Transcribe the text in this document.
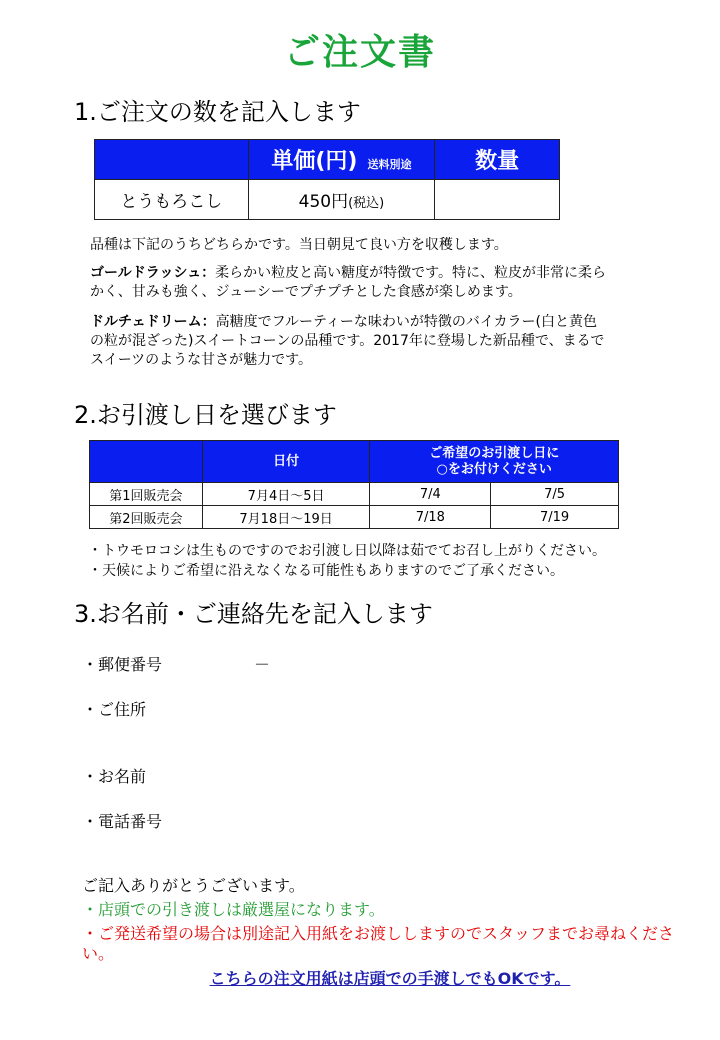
ご注文書
1.ご注文の数を記入します
	単価(円) 送料別途	数量
とうもろこし	450円(税込)	
品種は下記のうちどちらかです。当日朝見て良い方を収穫します。
ゴールドラッシュ：柔らかい粒皮と高い糖度が特徴です。特に、粒皮が非常に柔らかく、甘みも強く、ジューシーでプチプチとした食感が楽しめます。
ドルチェドリーム：高糖度でフルーティーな味わいが特徴のバイカラー(白と黄色の粒が混ざった)スイートコーンの品種です。2017年に登場した新品種で、まるでスイーツのような甘さが魅力です。
2.お引渡し日を選びます
	日付	ご希望のお引渡し日に
○をお付けください	

第1回販売会	7月4日～5日	7/4	7/5
第2回販売会	7月18日～19日	7/18	7/19
・トウモロコシは生ものですのでお引渡し日以降は茹でてお召し上がりください。
・天候によりご希望に沿えなくなる可能性もありますのでご了承ください。
3.お名前・ご連絡先を記入します
・郵便番号	－
・ご住所
・お名前
・電話番号
ご記入ありがとうございます。
・店頭での引き渡しは厳選屋になります。
・ご発送希望の場合は別途記入用紙をお渡ししますのでスタッフまでお尋ねください。
こちらの注文用紙は店頭での手渡しでもOKです。
